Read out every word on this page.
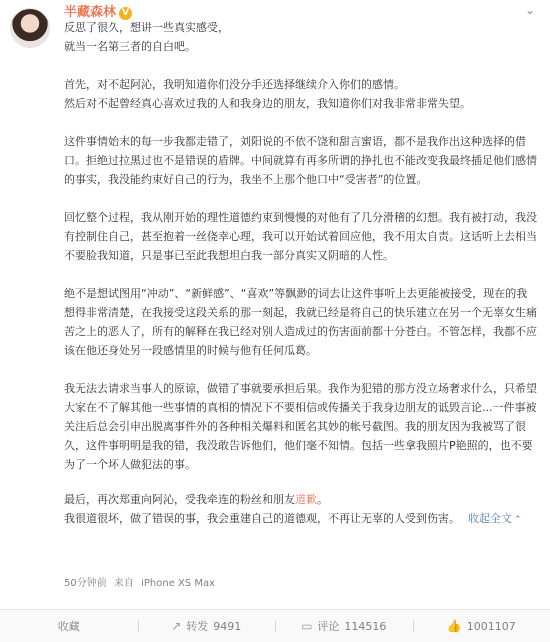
半藏森林 V	⌄

反思了很久，想讲一些真实感受，
就当一名第三者的自白吧。

首先，对不起阿沁，我明知道你们没分手还选择继续介入你们的感情。
然后对不起曾经真心喜欢过我的人和我身边的朋友，我知道你们对我非常非常失望。

这件事情始末的每一步我都走错了，刘阳说的不依不饶和甜言蜜语，都不是我作出这种选择的借口。拒绝过拉黑过也不是错误的盾牌。中间就算有再多所谓的挣扎也不能改变我最终插足他们感情的事实，我没能约束好自己的行为，我坐不上那个他口中“受害者”的位置。

回忆整个过程，我从刚开始的理性道德约束到慢慢的对他有了几分滑稽的幻想。我有被打动，我没有控制住自己，甚至抱着一丝侥幸心理，我可以开始试着回应他，我不用太自责。这话听上去相当不要脸我知道，只是事已至此我想坦白我一部分真实又阴暗的人性。

绝不是想试图用“冲动”、“新鲜感”、“喜欢”等飘渺的词去让这件事听上去更能被接受，现在的我想得非常清楚，在我接受这段关系的那一刻起，我就已经是将自己的快乐建立在另一个无辜女生痛苦之上的恶人了，所有的解释在我已经对别人造成过的伤害面前都十分苍白。不管怎样，我都不应该在他还身处另一段感情里的时候与他有任何瓜葛。

我无法去请求当事人的原谅，做错了事就要承担后果。我作为犯错的那方没立场奢求什么，只希望大家在不了解其他一些事情的真相的情况下不要相信或传播关于我身边朋友的诋毁言论...一件事被关注后总会引申出脱离事件外的各种相关爆料和匿名其妙的帐号截图。我的朋友因为我被骂了很久，这件事明明是我的错，我没敢告诉他们，他们毫不知情。包括一些拿我照片P艳照的，也不要为了一个坏人做犯法的事。

最后，再次郑重向阿沁，受我牵连的粉丝和朋友道歉。

我很道很坏，做了错误的事，我会重建自己的道德观，不再让无辜的人受到伤害。 收起全文 ⌃

50分钟前 来自 iPhone XS Max
收藏	↗ 转发 9491	▭ 评论 114516	👍 1001107
